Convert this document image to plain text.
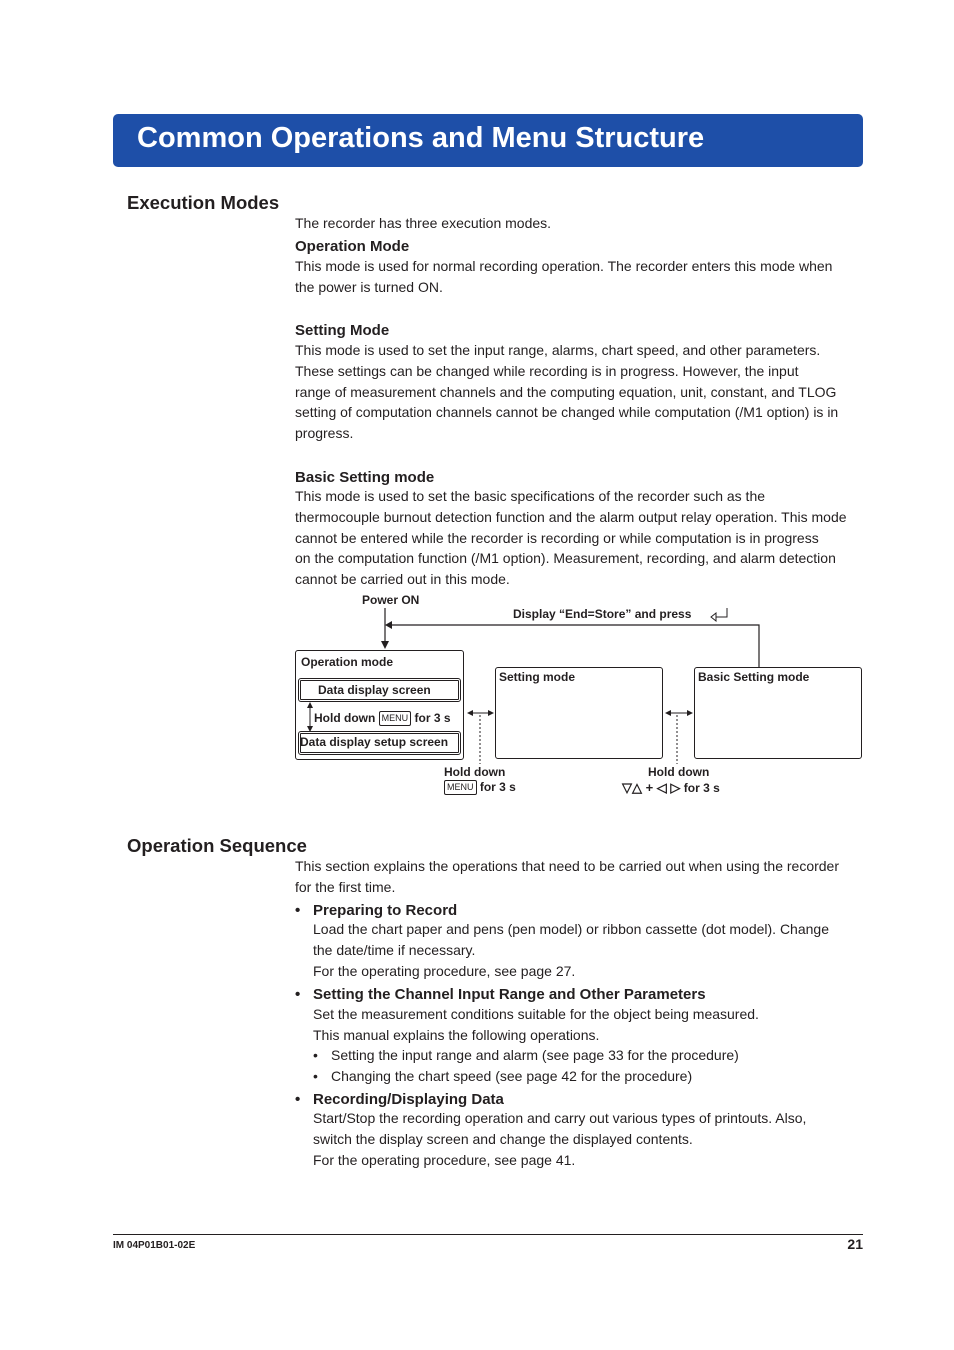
Common Operations and Menu Structure
Execution Modes
The recorder has three execution modes.
Operation Mode
This mode is used for normal recording operation. The recorder enters this mode when
the power is turned ON.
Setting Mode
This mode is used to set the input range, alarms, chart speed, and other parameters.
These settings can be changed while recording is in progress. However, the input
range of measurement channels and the computing equation, unit, constant, and TLOG
setting of computation channels cannot be changed while computation (/M1 option) is in
progress.
Basic Setting mode
This mode is used to set the basic specifications of the recorder such as the
thermocouple burnout detection function and the alarm output relay operation. This mode
cannot be entered while the recorder is recording or while computation is in progress
on the computation function (/M1 option). Measurement, recording, and alarm detection
cannot be carried out in this mode.
Power ON
Display “End=Store” and press
Operation mode
Data display screen
Hold down MENU for 3 s
Data display setup screen
Setting mode	Basic Setting mode
Hold down
MENU for 3 s
Hold down
▽△ + ◁ ▷ for 3 s
Operation Sequence
This section explains the operations that need to be carried out when using the recorder
for the first time.
• Preparing to Record
Load the chart paper and pens (pen model) or ribbon cassette (dot model). Change
the date/time if necessary.
For the operating procedure, see page 27.
• Setting the Channel Input Range and Other Parameters
Set the measurement conditions suitable for the object being measured.
This manual explains the following operations.
• Setting the input range and alarm (see page 33 for the procedure)
• Changing the chart speed (see page 42 for the procedure)
• Recording/Displaying Data
Start/Stop the recording operation and carry out various types of printouts. Also,
switch the display screen and change the displayed contents.
For the operating procedure, see page 41.
IM 04P01B01-02E	21
